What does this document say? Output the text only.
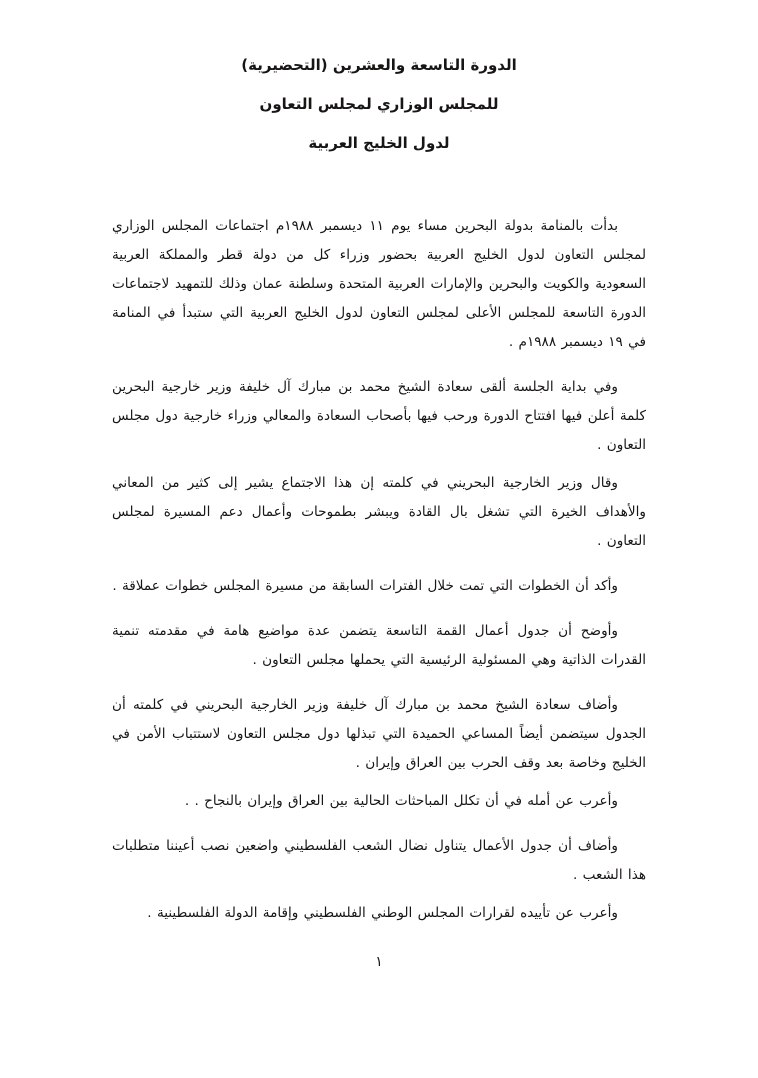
الدورة التاسعة والعشرين (التحضيرية)
للمجلس الوزاري لمجلس التعاون
لدول الخليج العربية

بدأت بالمنامة بدولة البحرين مساء يوم ١١ ديسمبر ١٩٨٨م اجتماعات المجلس الوزاري لمجلس التعاون لدول الخليج العربية بحضور وزراء كل من دولة قطر والمملكة العربية السعودية والكويت والبحرين والإمارات العربية المتحدة وسلطنة عمان وذلك للتمهيد لاجتماعات الدورة التاسعة للمجلس الأعلى لمجلس التعاون لدول الخليج العربية التي ستبدأ في المنامة في ١٩ ديسمبر ١٩٨٨م .

وفي بداية الجلسة ألقى سعادة الشيخ محمد بن مبارك آل خليفة وزير خارجية البحرين كلمة أعلن فيها افتتاح الدورة ورحب فيها بأصحاب السعادة والمعالي وزراء خارجية دول مجلس التعاون .

وقال وزير الخارجية البحريني في كلمته إن هذا الاجتماع يشير إلى كثير من المعاني والأهداف الخيرة التي تشغل بال القادة ويبشر بطموحات وأعمال دعم المسيرة لمجلس التعاون .

وأكد أن الخطوات التي تمت خلال الفترات السابقة من مسيرة المجلس خطوات عملاقة .

وأوضح أن جدول أعمال القمة التاسعة يتضمن عدة مواضيع هامة في مقدمته تنمية القدرات الذاتية وهي المسئولية الرئيسية التي يحملها مجلس التعاون .

وأضاف سعادة الشيخ محمد بن مبارك آل خليفة وزير الخارجية البحريني في كلمته أن الجدول سيتضمن أيضاً المساعي الحميدة التي تبذلها دول مجلس التعاون لاستتباب الأمن في الخليج وخاصة بعد وقف الحرب بين العراق وإيران .

وأعرب عن أمله في أن تكلل المباحثات الحالية بين العراق وإيران بالنجاح . .

وأضاف أن جدول الأعمال يتناول نضال الشعب الفلسطيني واضعين نصب أعيننا متطلبات هذا الشعب .

وأعرب عن تأييده لقرارات المجلس الوطني الفلسطيني وإقامة الدولة الفلسطينية .

١
